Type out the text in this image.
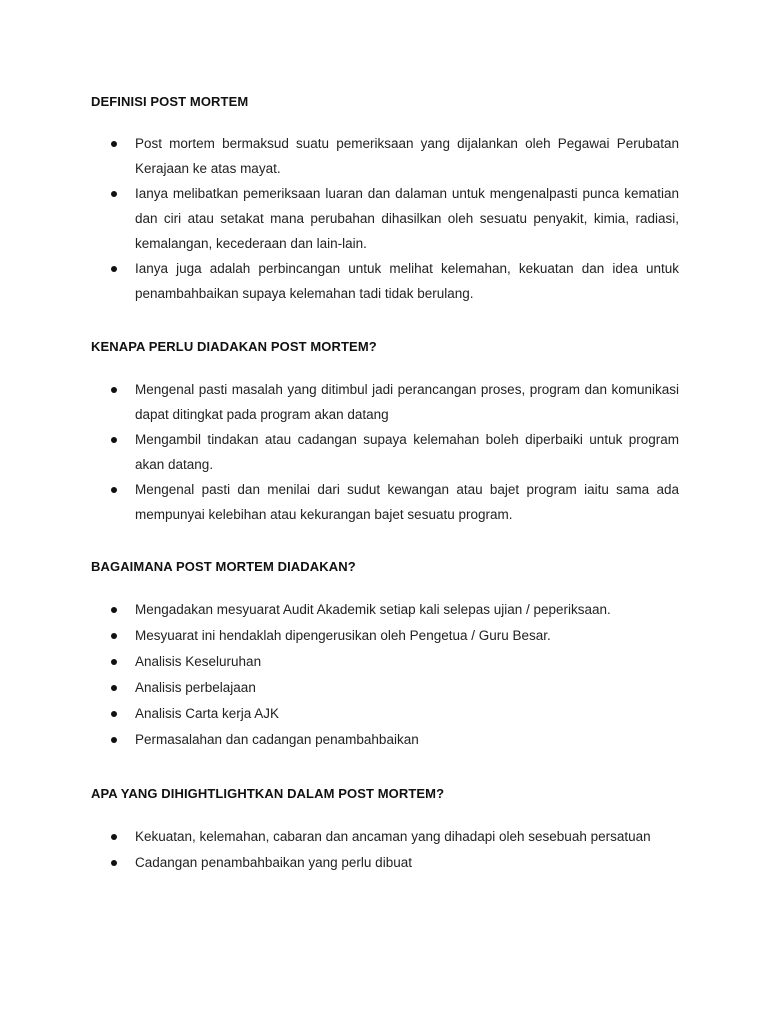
DEFINISI POST MORTEM
Post mortem bermaksud suatu pemeriksaan yang dijalankan oleh Pegawai Perubatan Kerajaan ke atas mayat.
Ianya melibatkan pemeriksaan luaran dan dalaman untuk mengenalpasti punca kematian dan ciri atau setakat mana perubahan dihasilkan oleh sesuatu penyakit, kimia, radiasi, kemalangan, kecederaan dan lain-lain.
Ianya juga adalah perbincangan untuk melihat kelemahan, kekuatan dan idea untuk penambahbaikan supaya kelemahan tadi tidak berulang.
KENAPA PERLU DIADAKAN POST MORTEM?
Mengenal pasti masalah yang ditimbul jadi perancangan proses, program dan komunikasi dapat ditingkat pada program akan datang
Mengambil tindakan atau cadangan supaya kelemahan boleh diperbaiki untuk program akan datang.
Mengenal pasti dan menilai dari sudut kewangan atau bajet program iaitu sama ada mempunyai kelebihan atau kekurangan bajet sesuatu program.
BAGAIMANA POST MORTEM DIADAKAN?
Mengadakan mesyuarat Audit Akademik setiap kali selepas ujian / peperiksaan.
Mesyuarat ini hendaklah dipengerusikan oleh Pengetua / Guru Besar.
Analisis Keseluruhan
Analisis perbelajaan
Analisis Carta kerja AJK
Permasalahan dan cadangan penambahbaikan
APA YANG DIHIGHTLIGHTKAN DALAM POST MORTEM?
Kekuatan, kelemahan, cabaran dan ancaman yang dihadapi oleh sesebuah persatuan
Cadangan penambahbaikan yang perlu dibuat
